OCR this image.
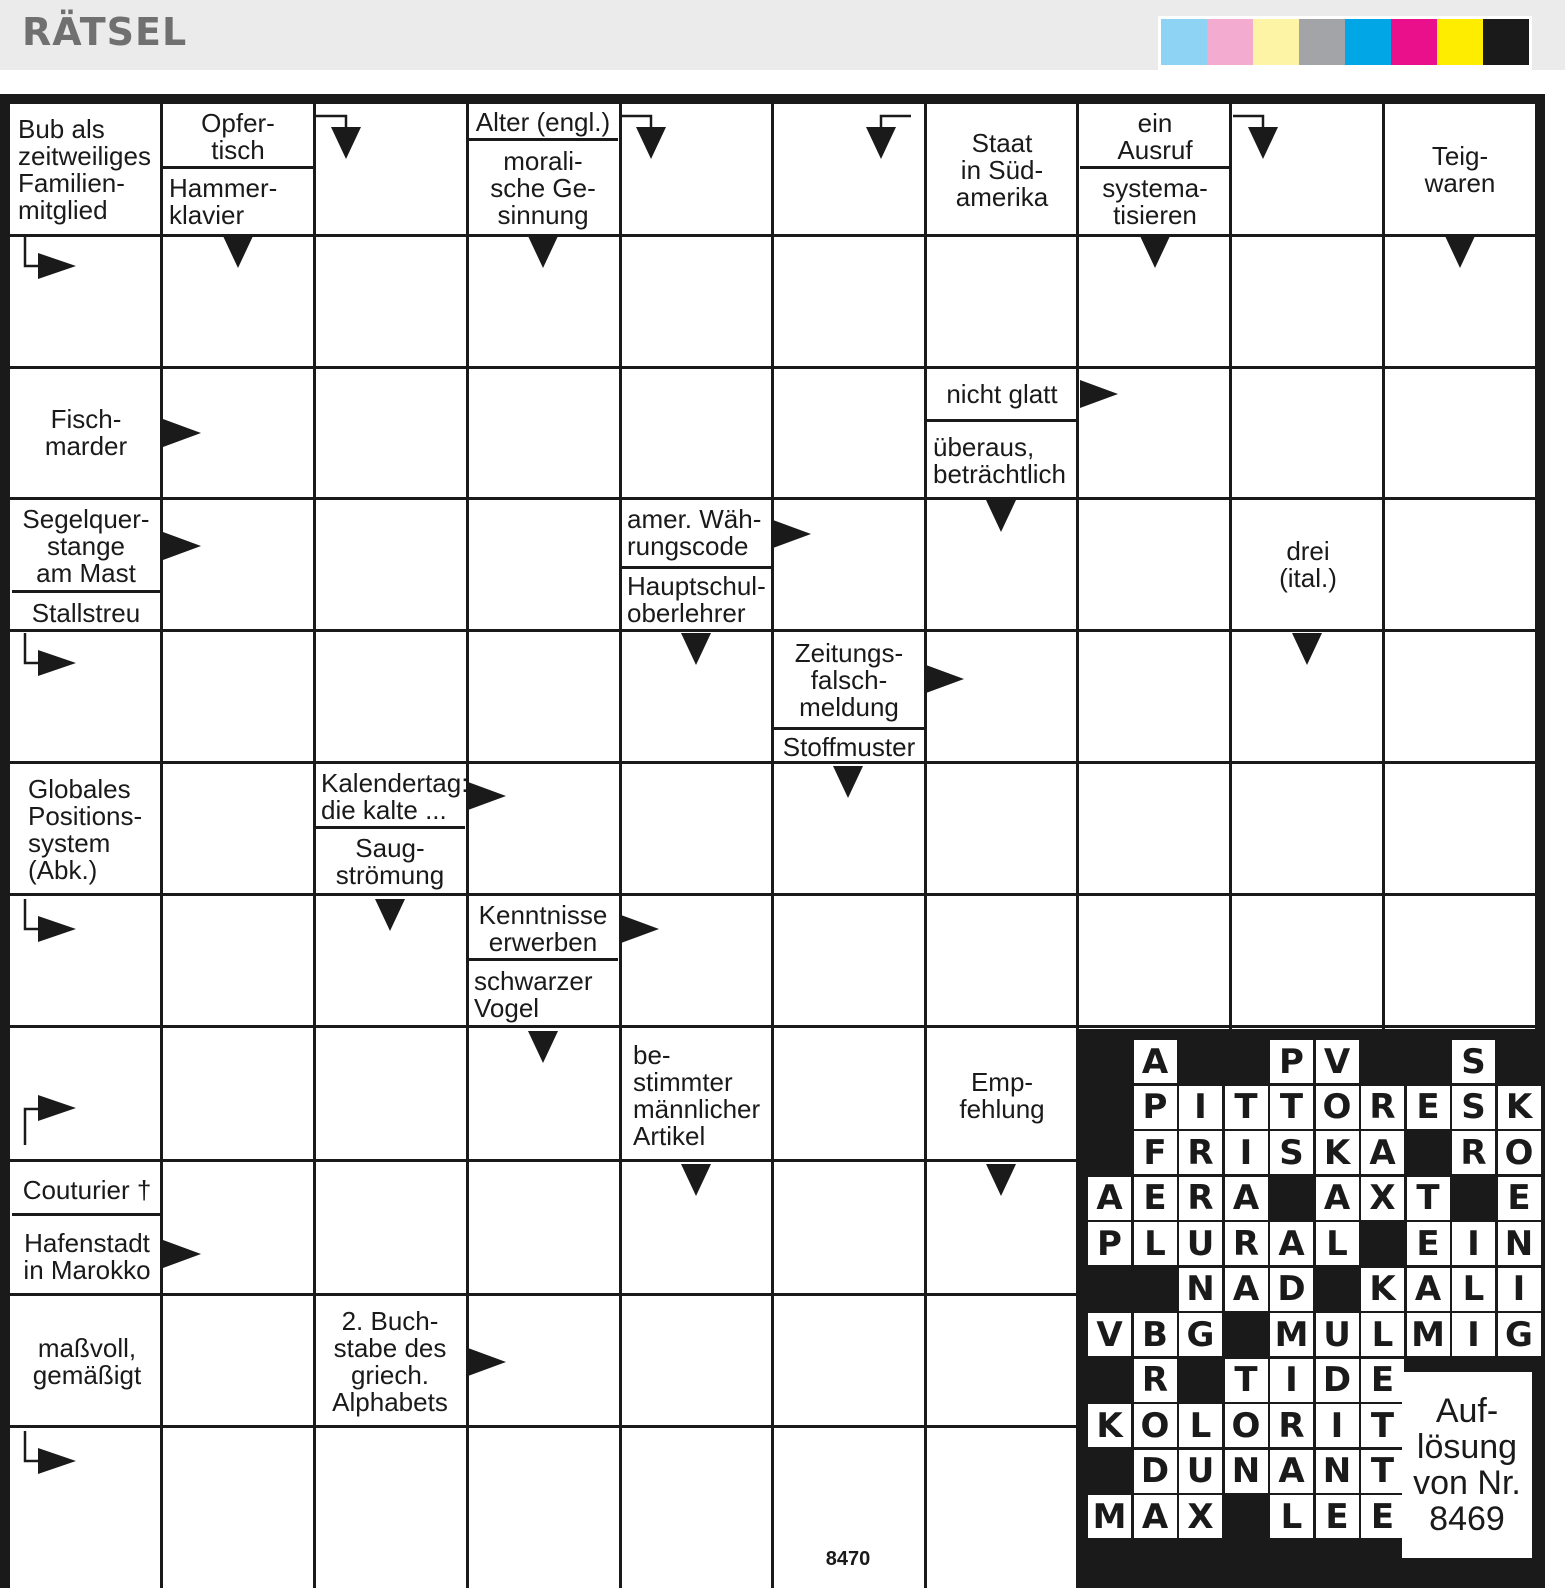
RÄTSEL
Bub als
zeitweiliges
Familien-
mitglied
Opfer-
tisch
Hammer-
klavier
Alter (engl.)
morali-
sche Ge-
sinnung
Staat
in Süd-
amerika
ein
Ausruf
systema-
tisieren
Teig-
waren
Fisch-
marder
nicht glatt
überaus,
beträchtlich
Segelquer-
stange
am Mast
Stallstreu
amer. Wäh-
rungscode
Hauptschul-
oberlehrer
drei
(ital.)
Zeitungs-
falsch-
meldung
Stoffmuster
Globales
Positions-
system
(Abk.)
Kalendertag:
die kalte ...
Saug-
strömung
Kenntnisse
erwerben
schwarzer
Vogel
be-
stimmter
männlicher
Artikel
Emp-
fehlung
Couturier †
Hafenstadt
in Marokko
maßvoll,
gemäßigt
2. Buch-
stabe des
griech.
Alphabets
A	P V	S
P I T T O R E S K
F R I S K A R O
A E R A A X T E
P L U R A L	E I N
N A D K A L I
V B G M U L M I G
R T I D E
K O L O R I T
D U N A N T
M A X	L E E
Auf-
lösung
von Nr.
8469
8470
